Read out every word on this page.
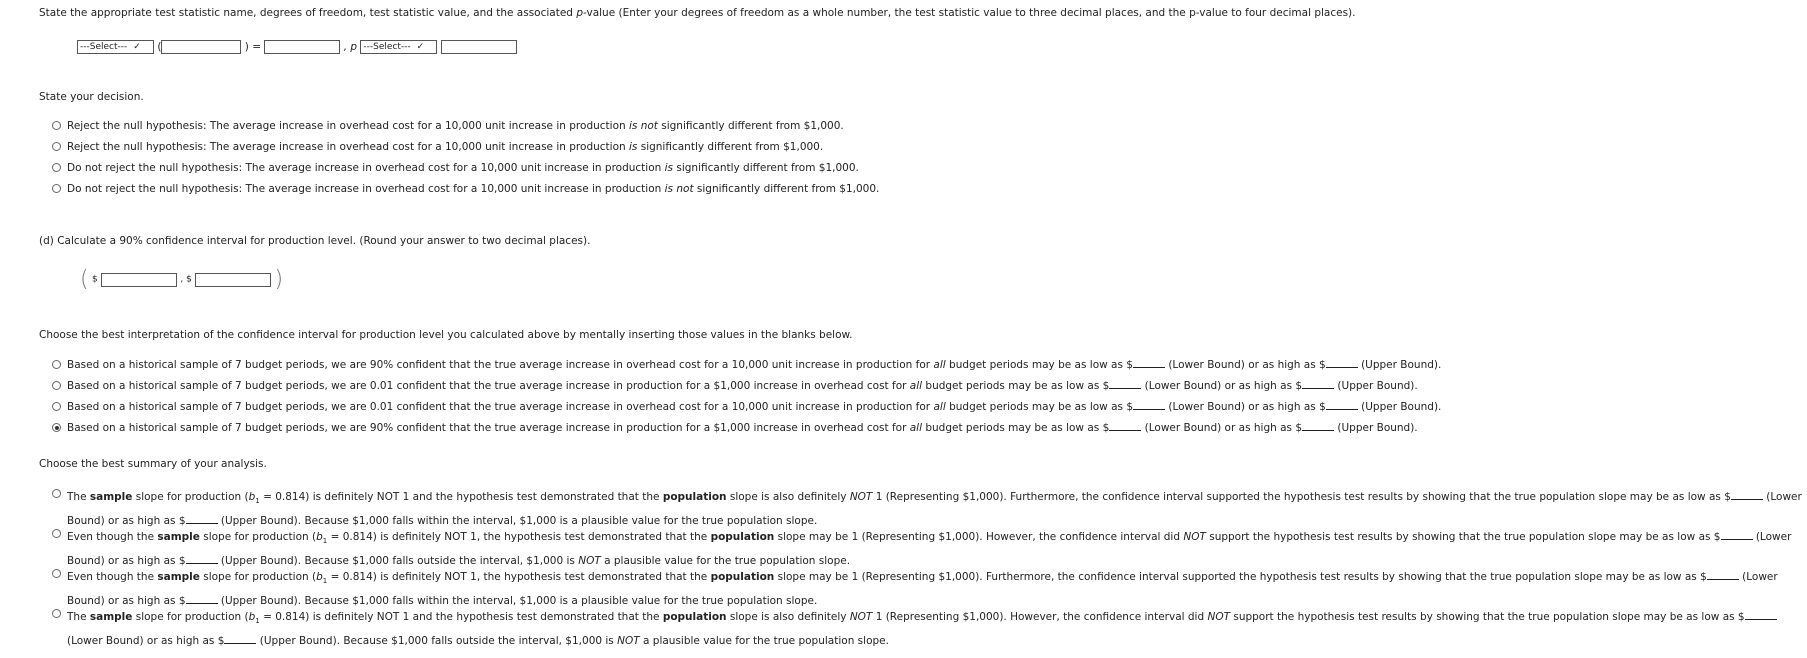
State the appropriate test statistic name, degrees of freedom, test statistic value, and the associated p-value (Enter your degrees of freedom as a whole number, the test statistic value to three decimal places, and the p-value to four decimal places).
---Select--- ✓ (	) =	, p ---Select--- ✓
State your decision.
Reject the null hypothesis: The average increase in overhead cost for a 10,000 unit increase in production is not significantly different from $1,000.
Reject the null hypothesis: The average increase in overhead cost for a 10,000 unit increase in production is significantly different from $1,000.
Do not reject the null hypothesis: The average increase in overhead cost for a 10,000 unit increase in production is significantly different from $1,000.
Do not reject the null hypothesis: The average increase in overhead cost for a 10,000 unit increase in production is not significantly different from $1,000.
(d) Calculate a 90% confidence interval for production level. (Round your answer to two decimal places).
( $	, $	)
Choose the best interpretation of the confidence interval for production level you calculated above by mentally inserting those values in the blanks below.
Based on a historical sample of 7 budget periods, we are 90% confident that the true average increase in overhead cost for a 10,000 unit increase in production for all budget periods may be as low as $	(Lower Bound) or as high as $	(Upper Bound).
Based on a historical sample of 7 budget periods, we are 0.01 confident that the true average increase in production for a $1,000 increase in overhead cost for all budget periods may be as low as $	(Lower Bound) or as high as $	(Upper Bound).
Based on a historical sample of 7 budget periods, we are 0.01 confident that the true average increase in overhead cost for a 10,000 unit increase in production for all budget periods may be as low as $	(Lower Bound) or as high as $	(Upper Bound).
Based on a historical sample of 7 budget periods, we are 90% confident that the true average increase in production for a $1,000 increase in overhead cost for all budget periods may be as low as $	(Lower Bound) or as high as $	(Upper Bound).
Choose the best summary of your analysis.
The sample slope for production $(b_1 = 0.814)$ is definitely NOT 1 and the hypothesis test demonstrated that the population slope is also definitely NOT 1 (Representing $1,000). Furthermore, the confidence interval supported the hypothesis test results by showing that the true population slope may be as low as $	(Lower Bound) or as high as $	(Upper Bound). Because $1,000 falls within the interval, $1,000 is a plausible value for the true population slope.
Even though the sample slope for production $(b_1 = 0.814)$ is definitely NOT 1, the hypothesis test demonstrated that the population slope may be 1 (Representing $1,000). However, the confidence interval did NOT support the hypothesis test results by showing that the true population slope may be as low as $	(Lower Bound) or as high as $	(Upper Bound). Because $1,000 falls outside the interval, $1,000 is NOT a plausible value for the true population slope.
Even though the sample slope for production $(b_1 = 0.814)$ is definitely NOT 1, the hypothesis test demonstrated that the population slope may be 1 (Representing $1,000). Furthermore, the confidence interval supported the hypothesis test results by showing that the true population slope may be as low as $	(Lower Bound) or as high as $	(Upper Bound). Because $1,000 falls within the interval, $1,000 is a plausible value for the true population slope.
The sample slope for production $(b_1 = 0.814)$ is definitely NOT 1 and the hypothesis test demonstrated that the population slope is also definitely NOT 1 (Representing $1,000). However, the confidence interval did NOT support the hypothesis test results by showing that the true population slope may be as low as $ (Lower Bound) or as high as $	(Upper Bound). Because $1,000 falls outside the interval, $1,000 is NOT a plausible value for the true population slope.
